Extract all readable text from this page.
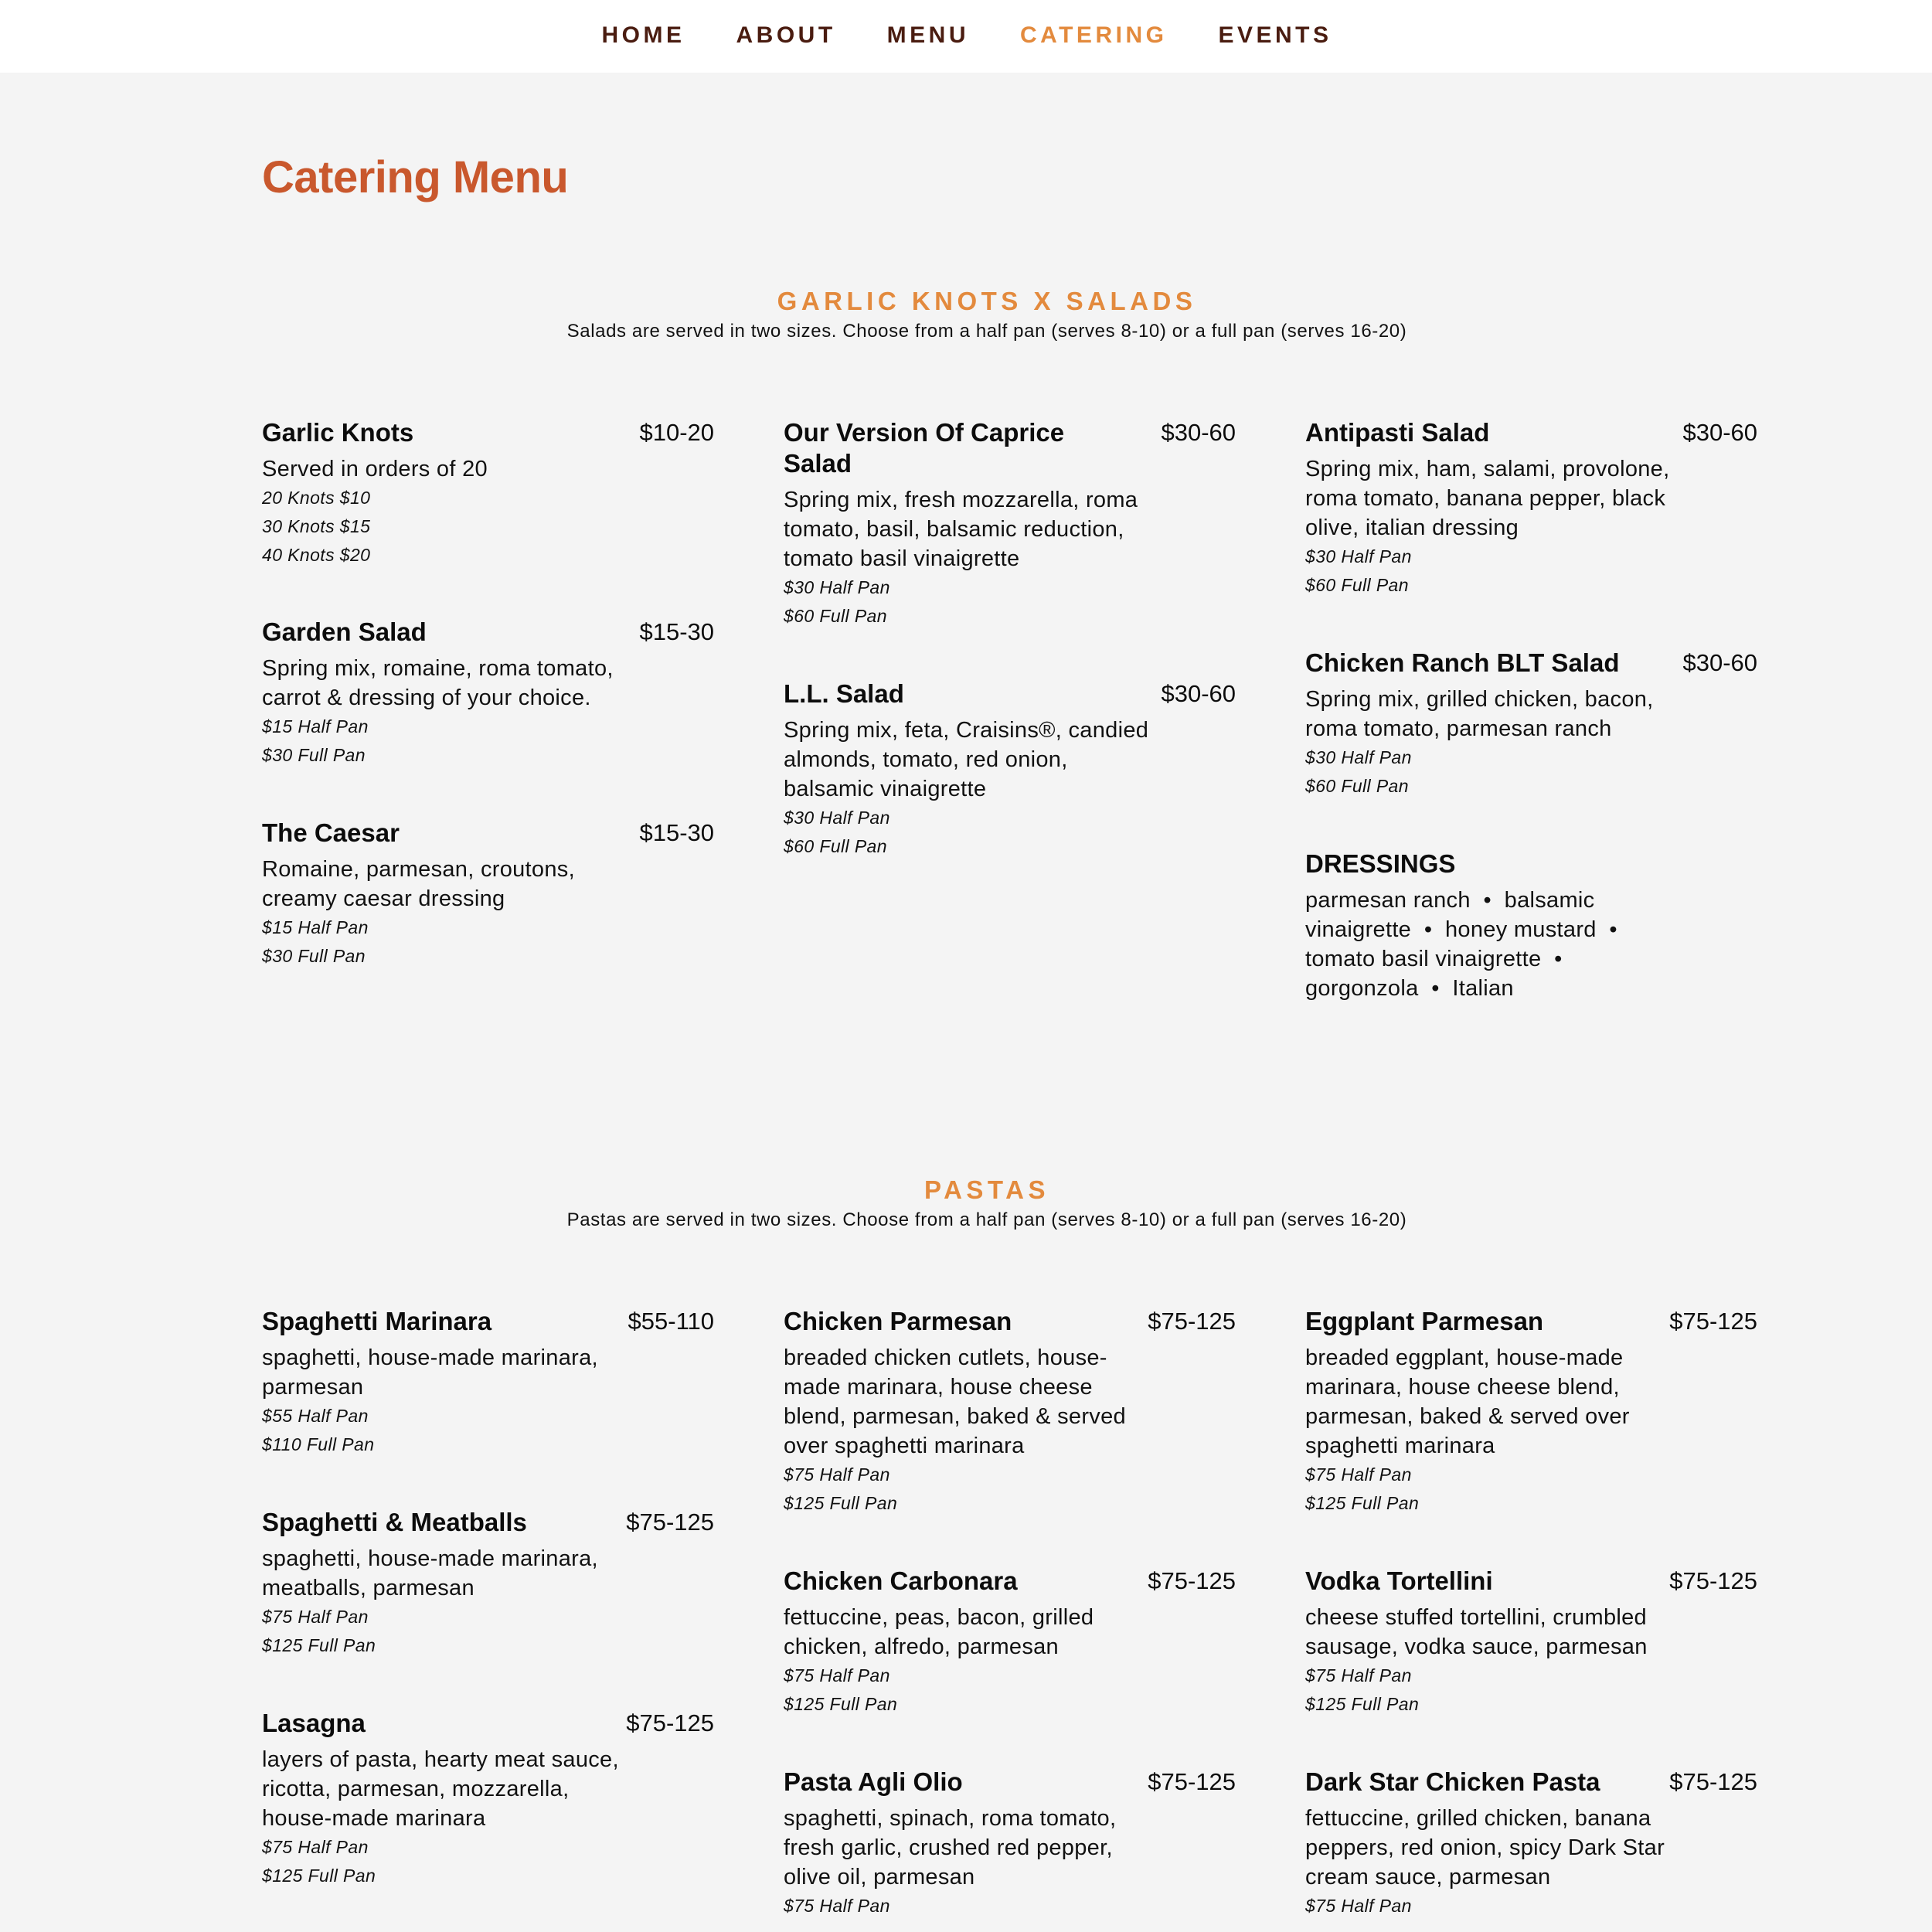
HOME ABOUT MENU CATERING EVENTS
Catering Menu
GARLIC KNOTS X SALADS

Salads are served in two sizes. Choose from a half pan (serves 8-10) or a full pan (serves 16-20)

Garlic Knots	$10-20

Served in orders of 20

20 Knots $10

30 Knots $15

40 Knots $20

Garden Salad	$15-30

Spring mix, romaine, roma tomato, carrot & dressing of your choice.

$15 Half Pan

$30 Full Pan

The Caesar	$15-30

Romaine, parmesan, croutons, creamy caesar dressing

$15 Half Pan

$30 Full Pan

Our Version Of Caprice Salad
$30-60

Spring mix, fresh mozzarella, roma tomato, basil, balsamic reduction, tomato basil vinaigrette

$30 Half Pan

$60 Full Pan

L.L. Salad	$30-60

Spring mix, feta, Craisins®, candied almonds, tomato, red onion, balsamic vinaigrette

$30 Half Pan

$60 Full Pan

Antipasti Salad	$30-60

Spring mix, ham, salami, provolone, roma tomato, banana pepper, black olive, italian dressing

$30 Half Pan

$60 Full Pan

Chicken Ranch BLT Salad	$30-60

Spring mix, grilled chicken, bacon, roma tomato, parmesan ranch

$30 Half Pan

$60 Full Pan

DRESSINGS

parmesan ranch  •  balsamic vinaigrette  •  honey mustard  •  tomato basil vinaigrette  •  gorgonzola  •  Italian

PASTAS

Pastas are served in two sizes. Choose from a half pan (serves 8-10) or a full pan (serves 16-20)

Spaghetti Marinara	$55-110

spaghetti, house-made marinara, parmesan

$55 Half Pan

$110 Full Pan

Spaghetti & Meatballs	$75-125

spaghetti, house-made marinara, meatballs, parmesan

$75 Half Pan

$125 Full Pan

Lasagna	$75-125

layers of pasta, hearty meat sauce, ricotta, parmesan, mozzarella, house-made marinara

$75 Half Pan

$125 Full Pan

Chicken Parmesan	$75-125

breaded chicken cutlets, house-made marinara, house cheese blend, parmesan, baked & served over spaghetti marinara

$75 Half Pan

$125 Full Pan

Chicken Carbonara	$75-125

fettuccine, peas, bacon, grilled chicken, alfredo, parmesan

$75 Half Pan

$125 Full Pan

Pasta Agli Olio	$75-125

spaghetti, spinach, roma tomato, fresh garlic, crushed red pepper, olive oil, parmesan

$75 Half Pan

Eggplant Parmesan	$75-125

breaded eggplant, house-made marinara, house cheese blend, parmesan, baked & served over spaghetti marinara

$75 Half Pan

$125 Full Pan

Vodka Tortellini	$75-125

cheese stuffed tortellini, crumbled sausage, vodka sauce, parmesan

$75 Half Pan

$125 Full Pan

Dark Star Chicken Pasta	$75-125

fettuccine, grilled chicken, banana peppers, red onion, spicy Dark Star cream sauce, parmesan

$75 Half Pan
